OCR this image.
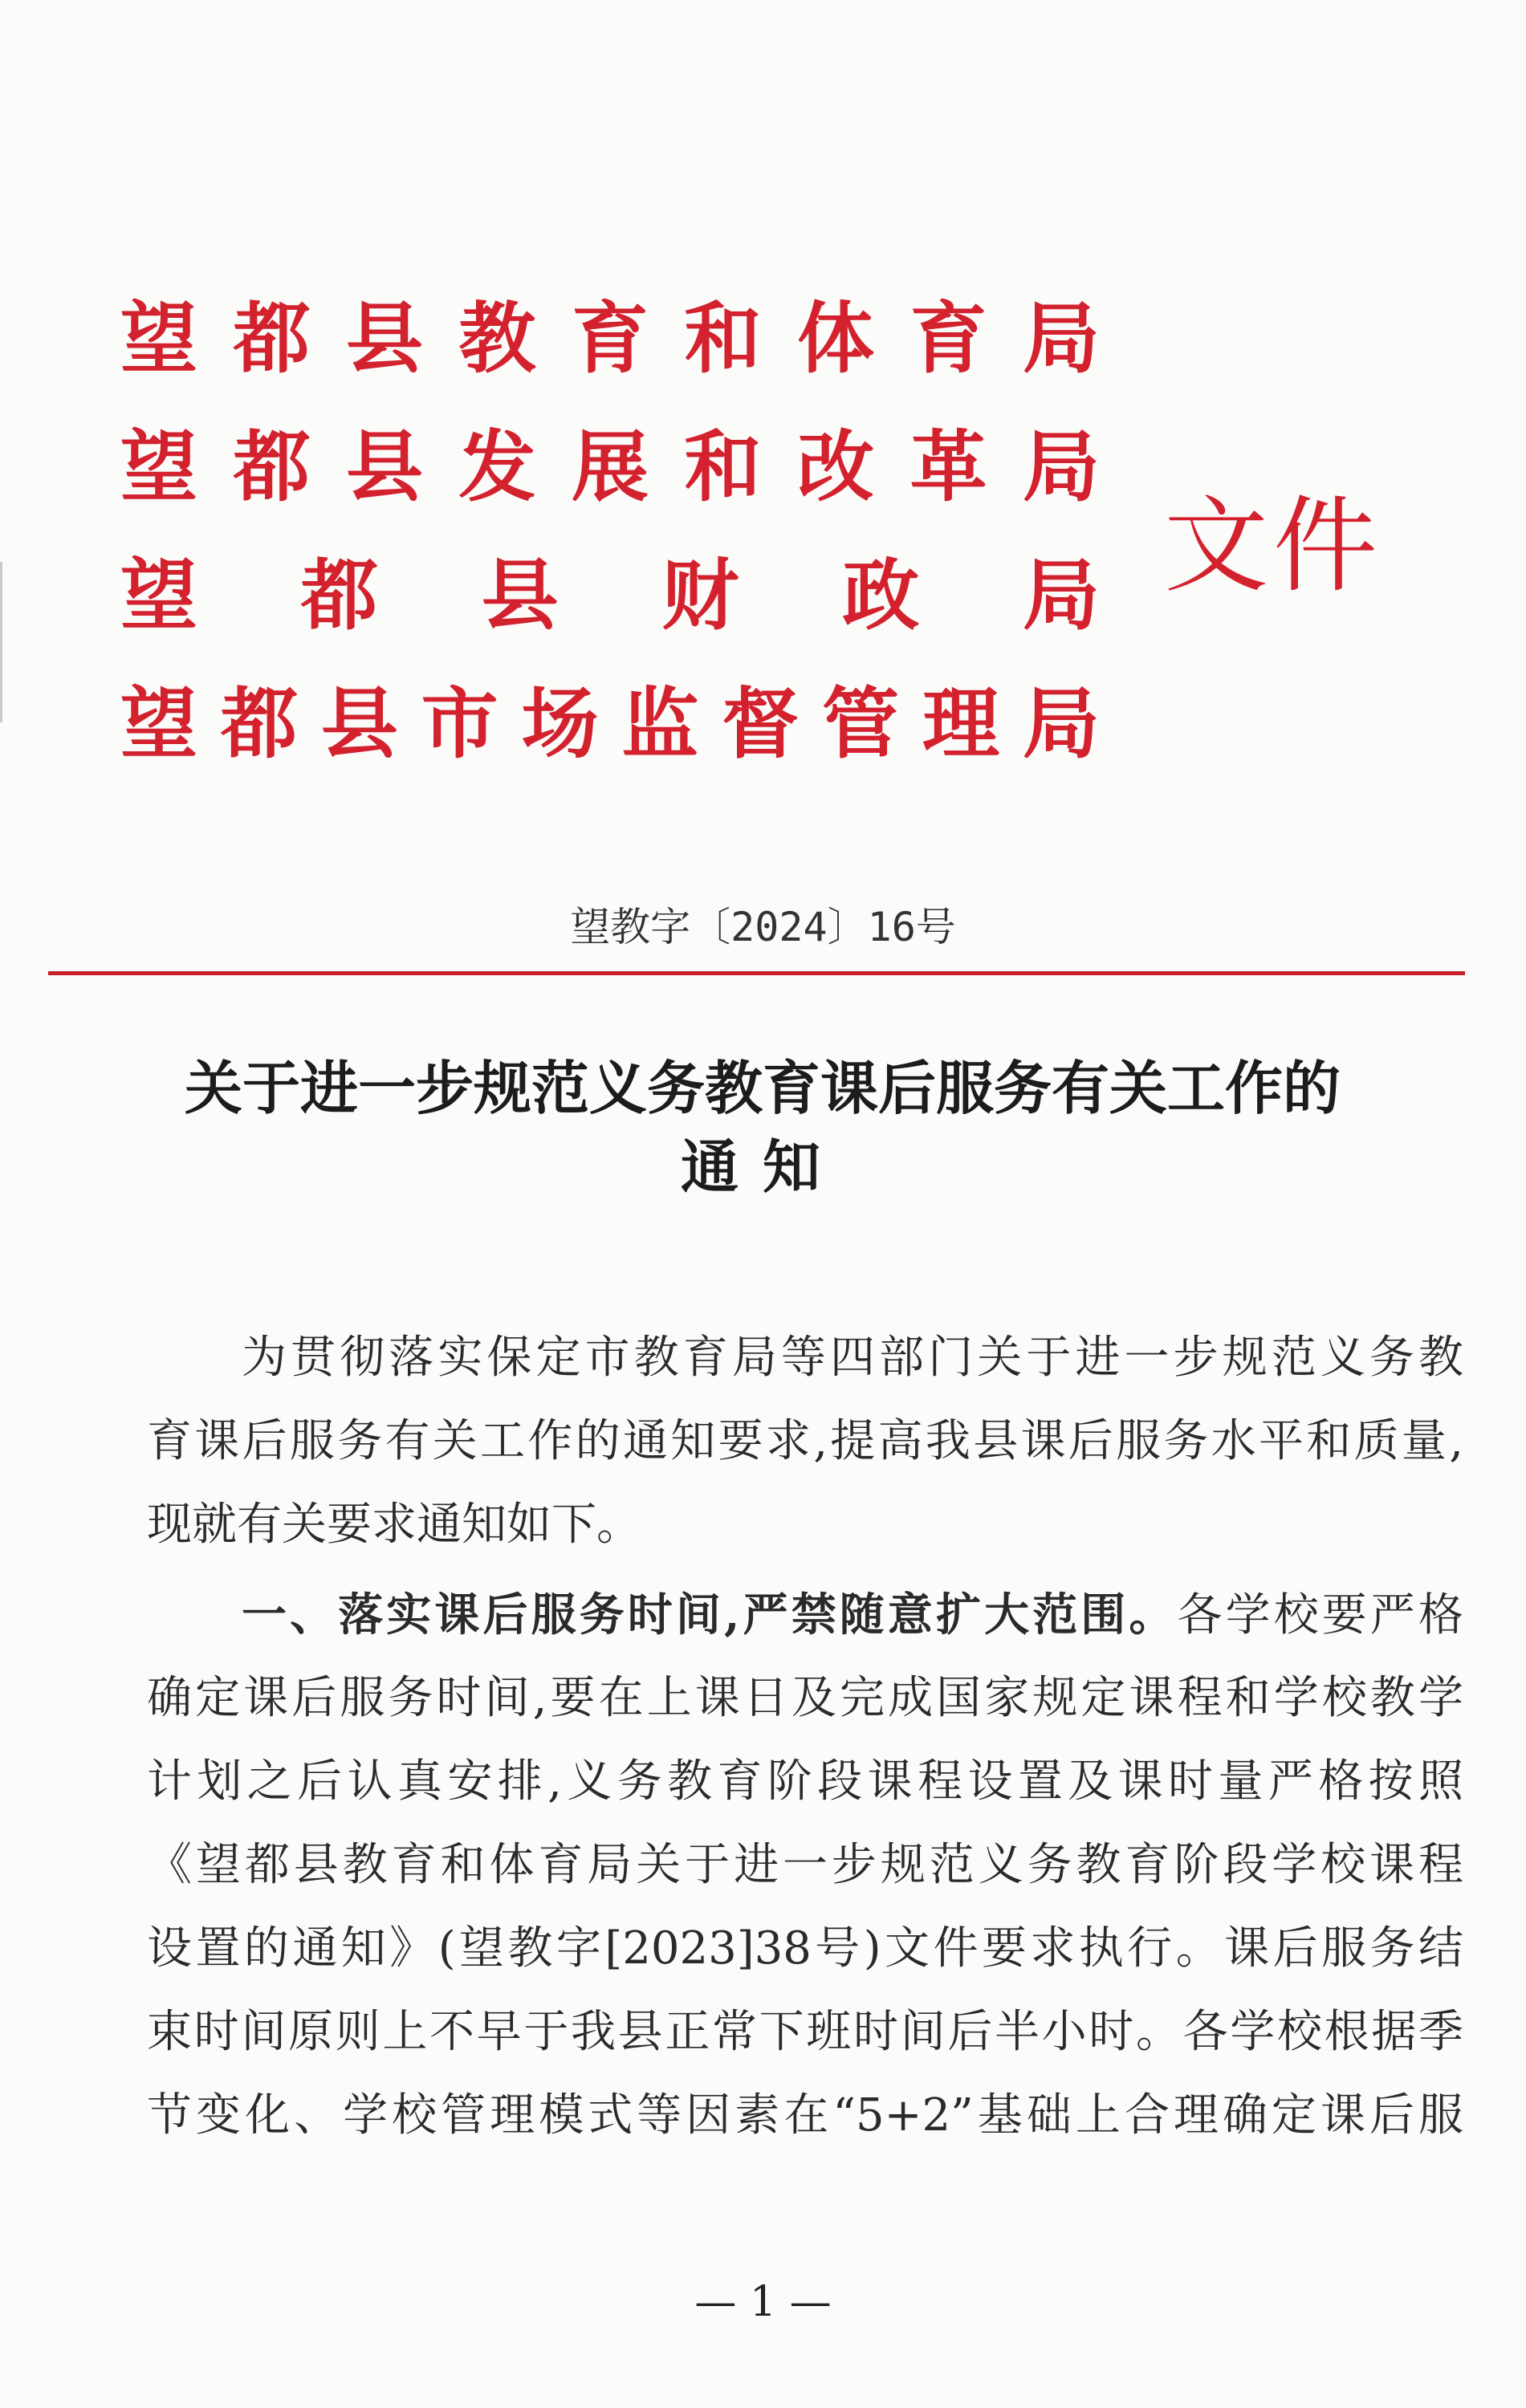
望 都 县 教 育 和 体 育 局
望 都 县 发 展 和 改 革 局
望 都 县 财 政 局
望 都 县 市 场 监 督 管 理 局
文件
望教字〔2024〕16号
关于进一步规范义务教育课后服务有关工作的
通知
为贯彻落实保定市教育局等四部门关于进一步规范义务教
育课后服务有关工作的通知要求,提高我县课后服务水平和质量,
现就有关要求通知如下。
一、落实课后服务时间,严禁随意扩大范围。各学校要严格
确定课后服务时间,要在上课日及完成国家规定课程和学校教学
计划之后认真安排,义务教育阶段课程设置及课时量严格按照
《望都县教育和体育局关于进一步规范义务教育阶段学校课程
设置的通知》(望教字[2023]38号)文件要求执行。课后服务结
束时间原则上不早于我县正常下班时间后半小时。各学校根据季
节变化、学校管理模式等因素在“5+2”基础上合理确定课后服
— 1 —
